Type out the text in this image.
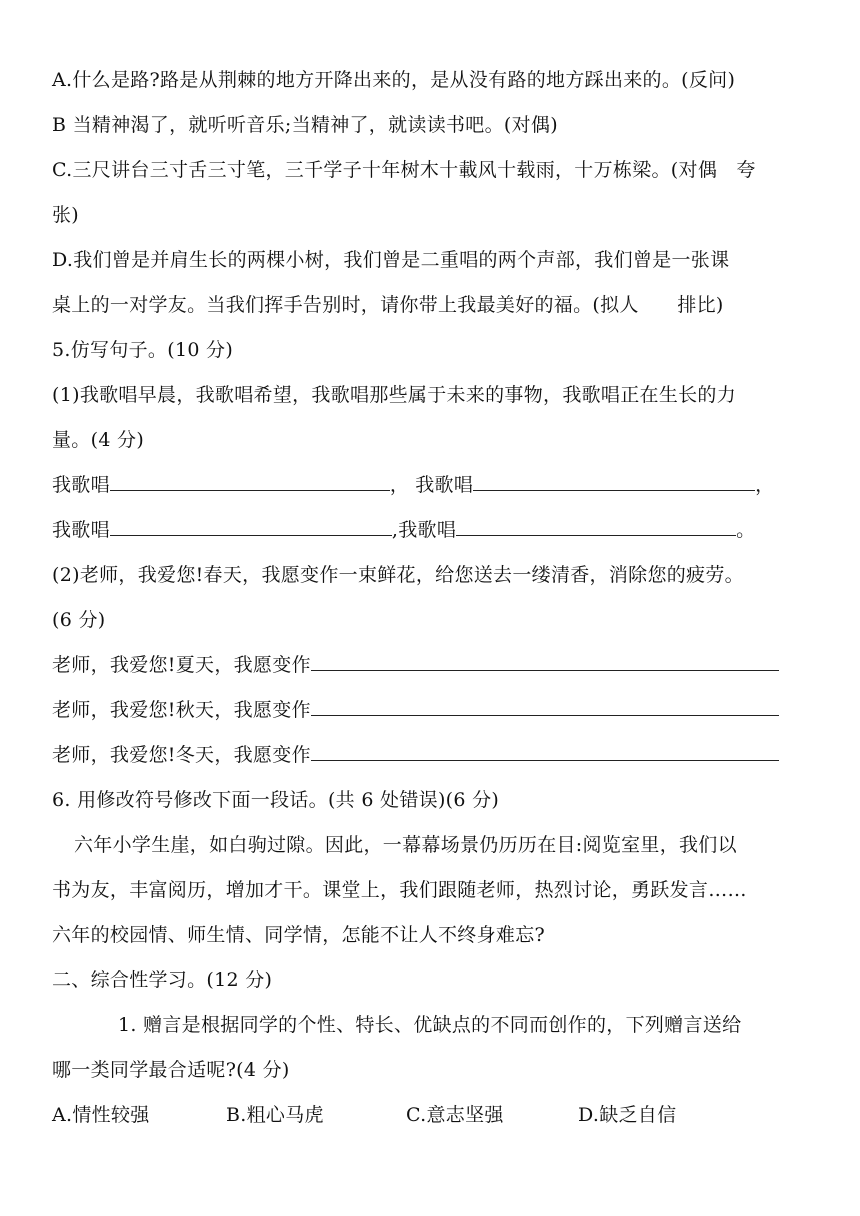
A.什么是路?路是从荆棘的地方开降出来的，是从没有路的地方踩出来的。(反问)
B 当精神渴了，就听听音乐;当精神了，就读读书吧。(对偶)
C.三尺讲台三寸舌三寸笔，三千学子十年树木十載风十载雨，十万栋梁。(对偶　夸
张)
D.我们曾是并肩生长的两棵小树，我们曾是二重唱的两个声部，我们曾是一张课
桌上的一对学友。当我们挥手告别时，请你带上我最美好的福。(拟人　　排比)
5.仿写句子。(10 分)
(1)我歌唱早晨，我歌唱希望，我歌唱那些属于未来的事物，我歌唱正在生长的力
量。(4 分)
我歌唱	， 我歌唱	，
我歌唱	,我歌唱	。
(2)老师，我爱您!春天，我愿变作一束鲜花，给您送去一缕清香，消除您的疲劳。
(6 分)
老师，我爱您!夏天，我愿变作
老师，我爱您!秋天，我愿变作
老师，我爱您!冬天，我愿变作
6. 用修改符号修改下面一段话。(共 6 处错误)(6 分)
六年小学生崖，如白驹过隙。因此，一幕幕场景仍历历在目:阅览室里，我们以
书为友，丰富阅历，增加才干。课堂上，我们跟随老师，热烈讨论，勇跃发言……
六年的校园情、师生情、同学情，怎能不让人不终身难忘?
二、综合性学习。(12 分)
1. 赠言是根据同学的个性、特长、优缺点的不同而创作的，下列赠言送给
哪一类同学最合适呢?(4 分)
A.情性较强	B.粗心马虎	C.意志坚强	D.缺乏自信
